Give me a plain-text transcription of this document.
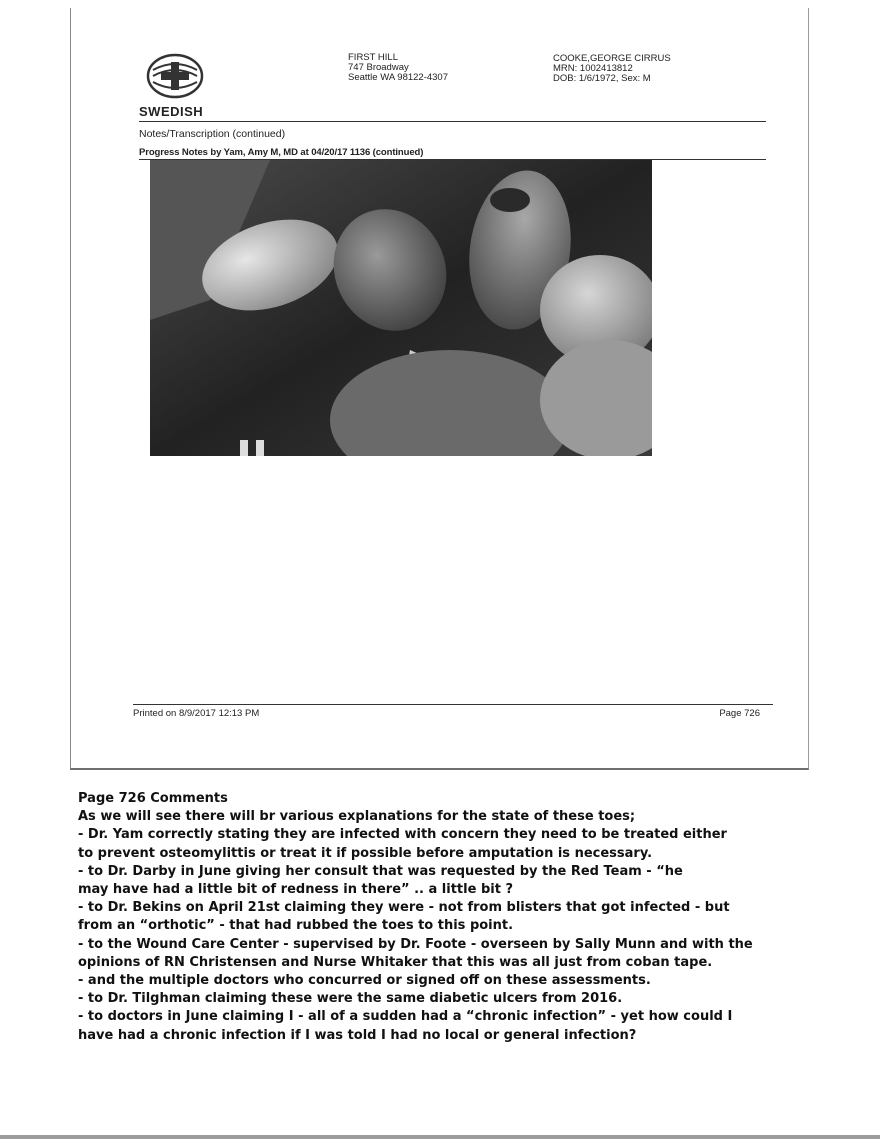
SWEDISH
FIRST HILL
747 Broadway
Seattle WA 98122-4307
COOKE,GEORGE CIRRUS
MRN: 1002413812
DOB: 1/6/1972, Sex: M
Notes/Transcription (continued)
Progress Notes by Yam, Amy M, MD at 04/20/17 1136 (continued)
Printed on 8/9/2017 12:13 PM	Page 726
Page 726 Comments
As we will see there will br various explanations for the state of these toes;
- Dr. Yam correctly stating they are infected with concern they need to be treated either
to prevent osteomylittis or treat it if possible before amputation is necessary.
- to Dr. Darby in June giving her consult that was requested by the Red Team - “he
may have had a little bit of redness in there” .. a little bit ?
- to Dr. Bekins on April 21st claiming they were - not from blisters that got infected - but
from an “orthotic” - that had rubbed the toes to this point.
- to the Wound Care Center - supervised by Dr. Foote - overseen by Sally Munn and with the
opinions of RN Christensen and Nurse Whitaker that this was all just from coban tape.
- and the multiple doctors who concurred or signed off on these assessments.
- to Dr. Tilghman claiming these were the same diabetic ulcers from 2016.
- to doctors in June claiming I - all of a sudden had a “chronic infection” - yet how could I
have had a chronic infection if I was told I had no local or general infection?
